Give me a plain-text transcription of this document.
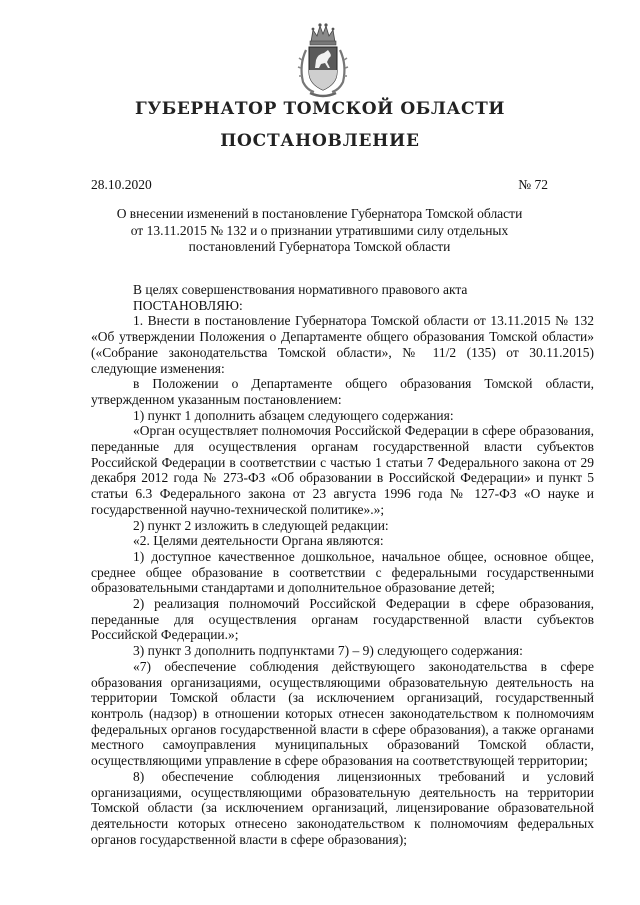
ГУБЕРНАТОР ТОМСКОЙ ОБЛАСТИ
ПОСТАНОВЛЕНИЕ
28.10.2020	№ 72
О внесении изменений в постановление Губернатора Томской области
от 13.11.2015 № 132 и о признании утратившими силу отдельных
постановлений Губернатора Томской области

В целях совершенствования нормативного правового акта

ПОСТАНОВЛЯЮ:

1. Внести в постановление Губернатора Томской области от 13.11.2015 № 132 «Об утверждении Положения о Департаменте общего образования Томской области» («Собрание законодательства Томской области», № 11/2 (135) от 30.11.2015) следующие изменения:

в Положении о Департаменте общего образования Томской области, утвержденном указанным постановлением:

1) пункт 1 дополнить абзацем следующего содержания:

«Орган осуществляет полномочия Российской Федерации в сфере образования, переданные для осуществления органам государственной власти субъектов Российской Федерации в соответствии с частью 1 статьи 7 Федерального закона от 29 декабря 2012 года № 273-ФЗ «Об образовании в Российской Федерации» и пункт 5 статьи 6.3 Федерального закона от 23 августа 1996 года № 127-ФЗ «О науке и государственной научно-технической политике».»;

2) пункт 2 изложить в следующей редакции:

«2. Целями деятельности Органа являются:

1) доступное качественное дошкольное, начальное общее, основное общее, среднее общее образование в соответствии с федеральными государственными образовательными стандартами и дополнительное образование детей;

2) реализация полномочий Российской Федерации в сфере образования, переданные для осуществления органам государственной власти субъектов Российской Федерации.»;

3) пункт 3 дополнить подпунктами 7) – 9) следующего содержания:

«7) обеспечение соблюдения действующего законодательства в сфере образования организациями, осуществляющими образовательную деятельность на территории Томской области (за исключением организаций, государственный контроль (надзор) в отношении которых отнесен законодательством к полномочиям федеральных органов государственной власти в сфере образования), а также органами местного самоуправления муниципальных образований Томской области, осуществляющими управление в сфере образования на соответствующей территории;

8) обеспечение соблюдения лицензионных требований и условий организациями, осуществляющими образовательную деятельность на территории Томской области (за исключением организаций, лицензирование образовательной деятельности которых отнесено законодательством к полномочиям федеральных органов государственной власти в сфере образования);
